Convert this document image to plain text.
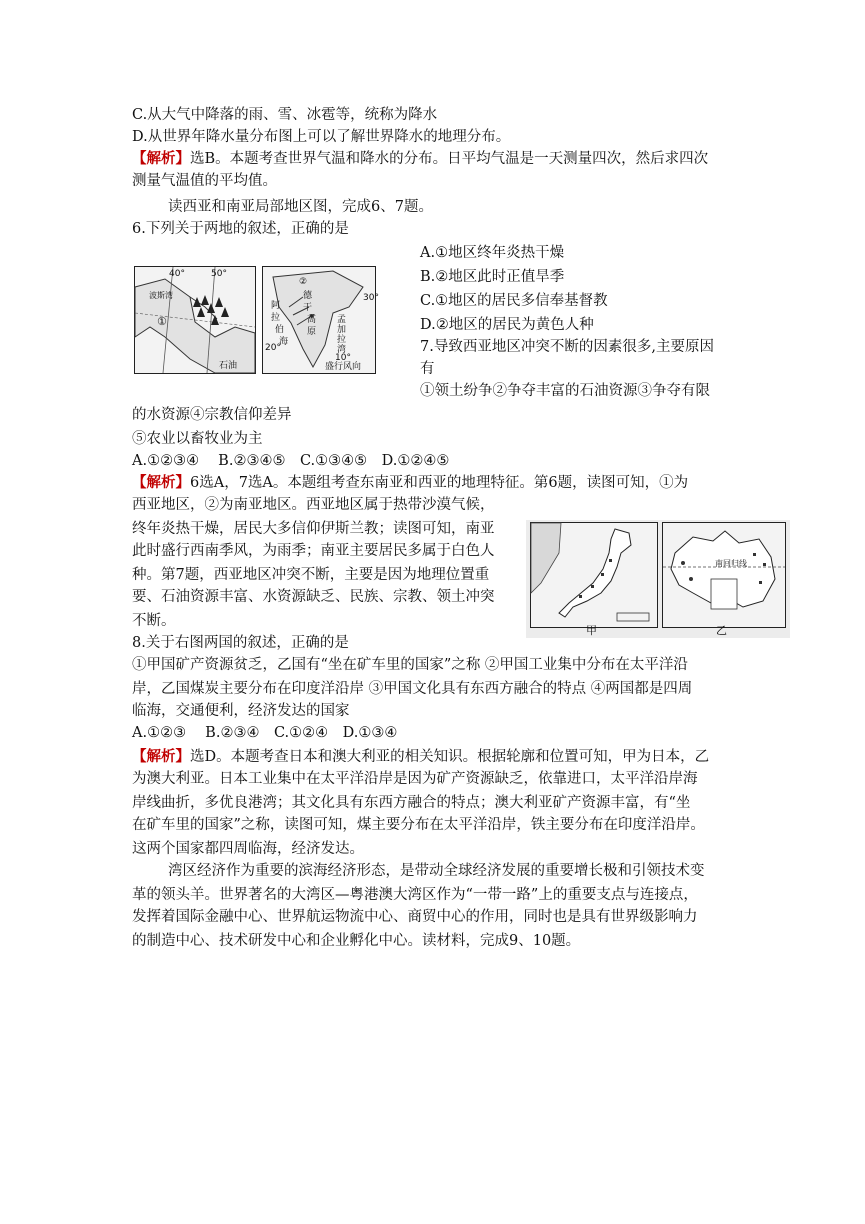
C.从大气中降落的雨、雪、冰雹等，统称为降水
D.从世界年降水量分布图上可以了解世界降水的地理分布。
【解析】选B。本题考查世界气温和降水的分布。日平均气温是一天测量四次，然后求四次
测量气温值的平均值。
读西亚和南亚局部地区图，完成6、7题。
6.下列关于两地的叙述，正确的是
40°	50°
波斯湾
①
石油
②
德
干
高
原
阿
拉
伯
海
孟加拉湾
20°
30°
10°
盛行风向
A.①地区终年炎热干燥
B.②地区此时正值旱季
C.①地区的居民多信奉基督教
D.②地区的居民为黄色人种
7.导致西亚地区冲突不断的因素很多,主要原因
有
①领土纷争②争夺丰富的石油资源③争夺有限
的水资源④宗教信仰差异
⑤农业以畜牧业为主
A.①②③④　 B.②③④⑤　C.①③④⑤　D.①②④⑤
【解析】6选A，7选A。本题组考查东南亚和西亚的地理特征。第6题，读图可知，①为
西亚地区，②为南亚地区。西亚地区属于热带沙漠气候，
终年炎热干燥，居民大多信仰伊斯兰教；读图可知，南亚
此时盛行西南季风，为雨季；南亚主要居民多属于白色人
种。第7题，西亚地区冲突不断，主要是因为地理位置重
要、石油资源丰富、水资源缺乏、民族、宗教、领土冲突
不断。
南回归线
甲	乙
8.关于右图两国的叙述，正确的是
①甲国矿产资源贫乏，乙国有“坐在矿车里的国家”之称 ②甲国工业集中分布在太平洋沿
岸，乙国煤炭主要分布在印度洋沿岸 ③甲国文化具有东西方融合的特点 ④两国都是四周
临海，交通便利，经济发达的国家
A.①②③　 B.②③④　C.①②④　D.①③④
【解析】选D。本题考查日本和澳大利亚的相关知识。根据轮廓和位置可知，甲为日本，乙
为澳大利亚。日本工业集中在太平洋沿岸是因为矿产资源缺乏，依靠进口，太平洋沿岸海
岸线曲折，多优良港湾；其文化具有东西方融合的特点；澳大利亚矿产资源丰富，有“坐
在矿车里的国家”之称，读图可知，煤主要分布在太平洋沿岸，铁主要分布在印度洋沿岸。
这两个国家都四周临海，经济发达。
湾区经济作为重要的滨海经济形态，是带动全球经济发展的重要增长极和引领技术变
革的领头羊。世界著名的大湾区—粤港澳大湾区作为“一带一路”上的重要支点与连接点，
发挥着国际金融中心、世界航运物流中心、商贸中心的作用，同时也是具有世界级影响力
的制造中心、技术研发中心和企业孵化中心。读材料，完成9、10题。
